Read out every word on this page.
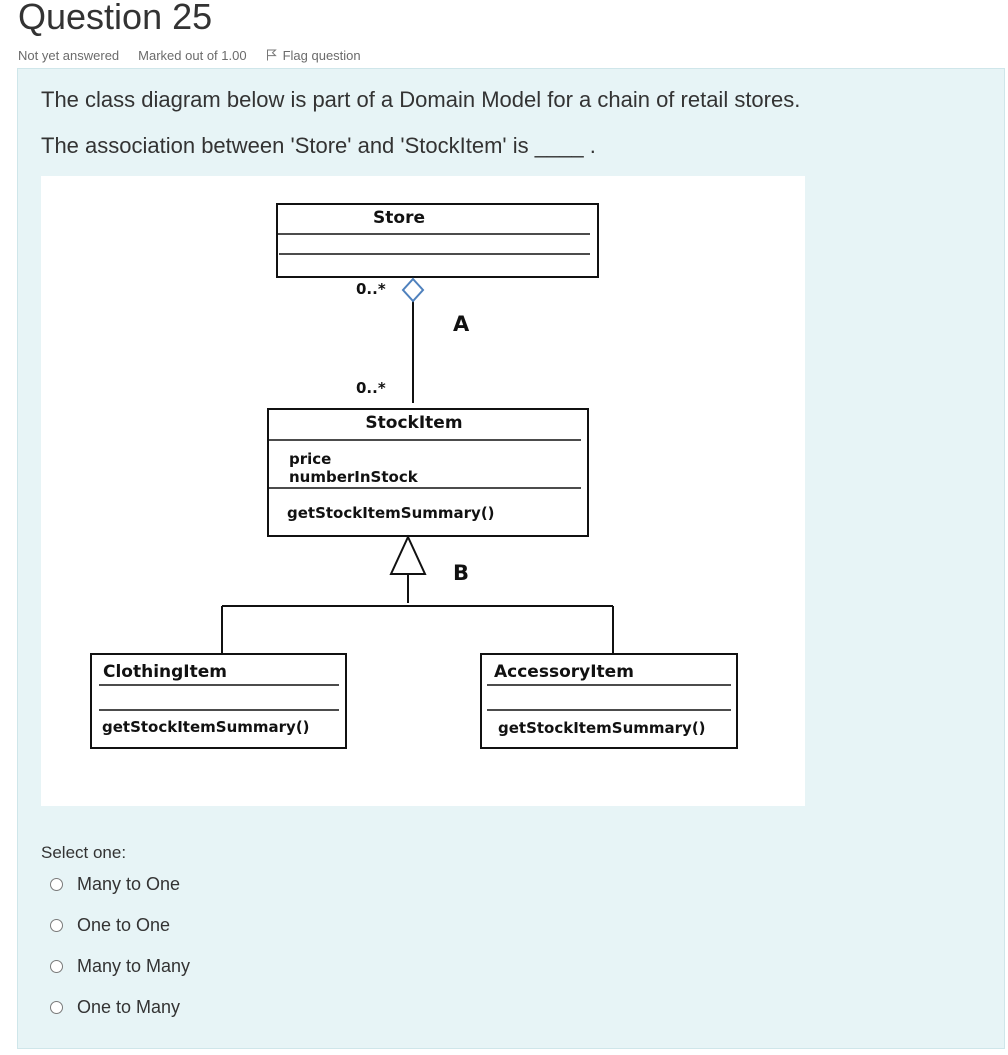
Question 25
Not yet answered Marked out of 1.00	Flag question

The class diagram below is part of a Domain Model for a chain of retail stores.

The association between 'Store' and 'StockItem' is ____ .

Store
0..*
0..*
A
StockItem
price
numberInStock
getStockItemSummary()
B
ClothingItem
getStockItemSummary()
AccessoryItem
getStockItemSummary()
Select one:
Many to One
One to One
Many to Many
One to Many
